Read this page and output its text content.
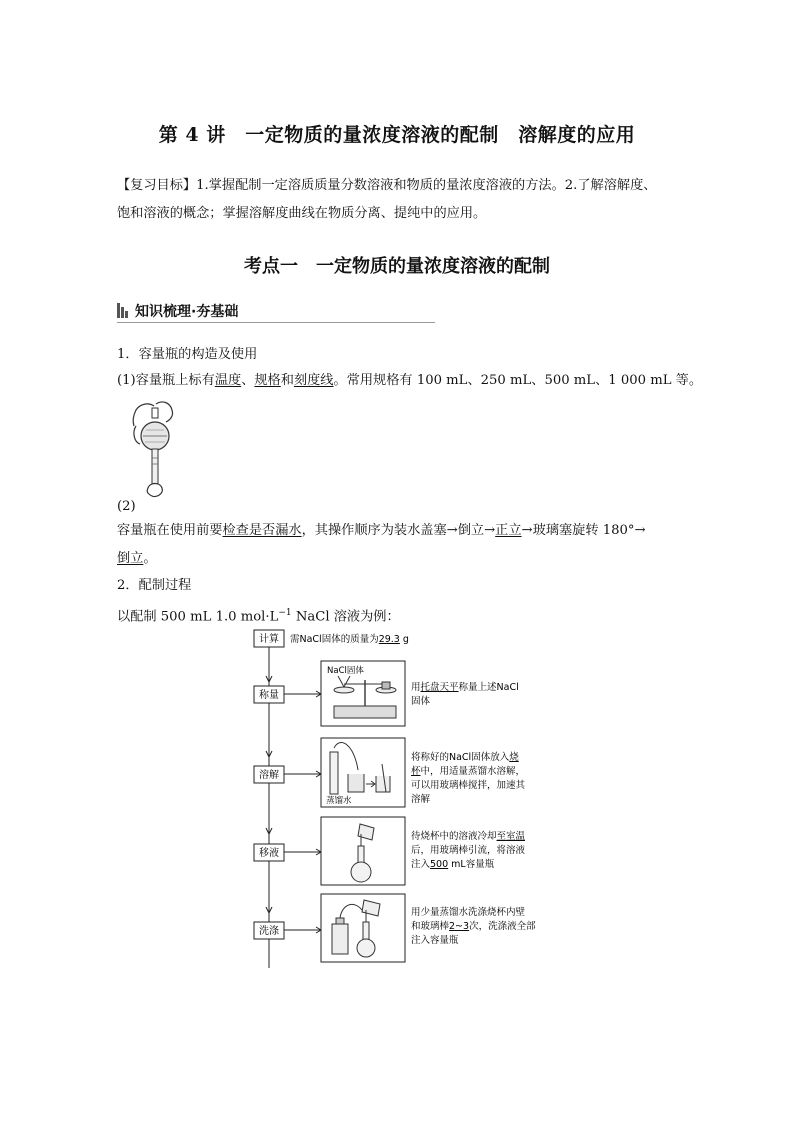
第 4 讲　一定物质的量浓度溶液的配制　溶解度的应用
【复习目标】1.掌握配制一定溶质质量分数溶液和物质的量浓度溶液的方法。2.了解溶解度、
饱和溶液的概念；掌握溶解度曲线在物质分离、提纯中的应用。
考点一　一定物质的量浓度溶液的配制
知识梳理·夯基础
1．容量瓶的构造及使用
(1)容量瓶上标有温度、规格和刻度线。常用规格有 100 mL、250 mL、500 mL、1 000 mL 等。
(2)
容量瓶在使用前要检查是否漏水，其操作顺序为装水盖塞→倒立→正立→玻璃塞旋转 180°→
倒立。
2．配制过程
以配制 500 mL 1.0 $mol\cdot L^{-1}$ NaCl 溶液为例：
计算 需NaCl固体的质量为29.3 g
称量
NaCl固体
用托盘天平称量上述NaCl
固体
溶解
蒸馏水
将称好的NaCl固体放入烧
杯中，用适量蒸馏水溶解，
可以用玻璃棒搅拌，加速其
溶解
移液
待烧杯中的溶液冷却至室温
后，用玻璃棒引流，将溶液
注入500 mL容量瓶
洗涤
用少量蒸馏水洗涤烧杯内壁
和玻璃棒2~3次，洗涤液全部
注入容量瓶
